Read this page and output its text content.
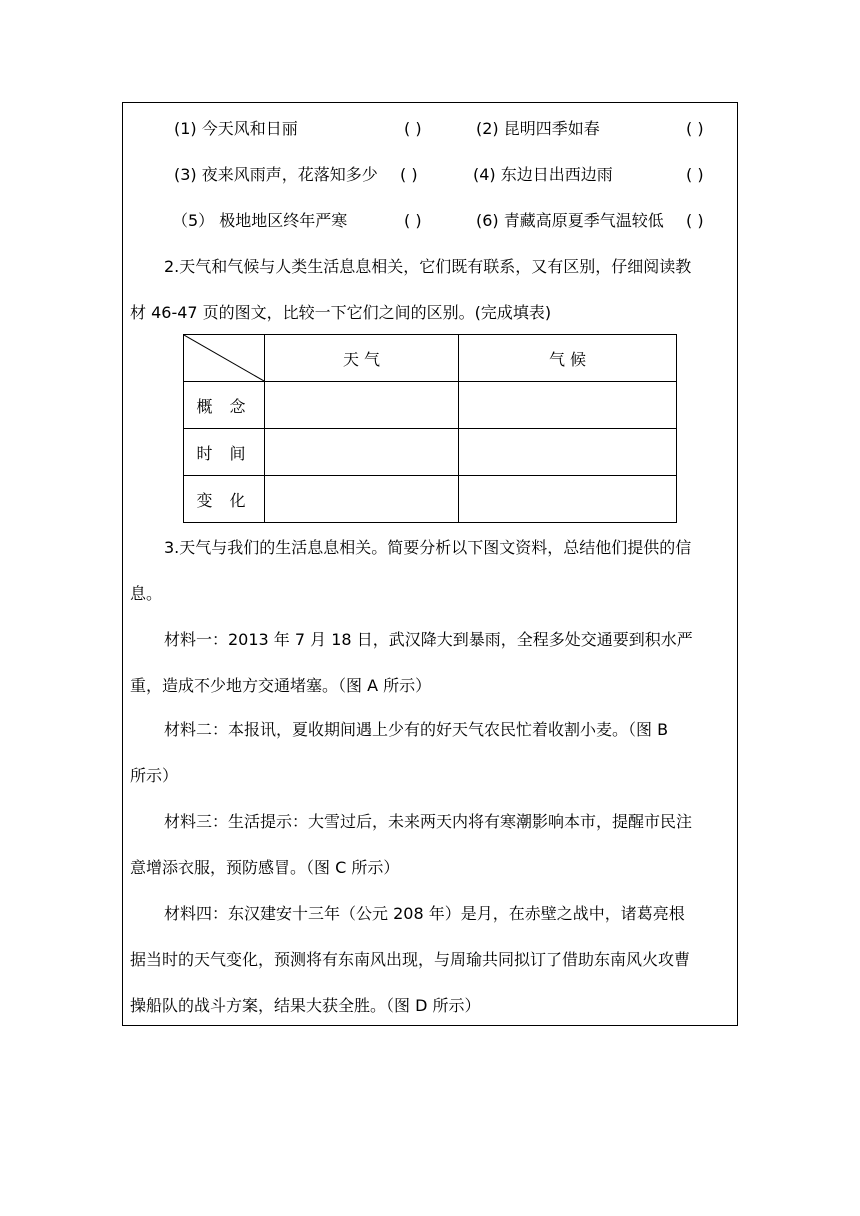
(1) 今天风和日丽	( )	(2) 昆明四季如春	( )
(3) 夜来风雨声，花落知多少 ( )	(4) 东边日出西边雨	( )
（5） 极地地区终年严寒	( )	(6) 青藏高原夏季气温较低 ( )
2.天气和气候与人类生活息息相关，它们既有联系，又有区别，仔细阅读教
材 46-47 页的图文，比较一下它们之间的区别。(完成填表)
	天 气	气 候
概 念		
时 间		
变 化		
3.天气与我们的生活息息相关。简要分析以下图文资料，总结他们提供的信
息。
材料一：2013 年 7 月 18 日，武汉降大到暴雨，全程多处交通要到积水严
重，造成不少地方交通堵塞。（图 A 所示）
材料二：本报讯，夏收期间遇上少有的好天气农民忙着收割小麦。（图 B
所示）
材料三：生活提示：大雪过后，未来两天内将有寒潮影响本市，提醒市民注
意增添衣服，预防感冒。（图 C 所示）
材料四：东汉建安十三年（公元 208 年）是月，在赤壁之战中，诸葛亮根
据当时的天气变化，预测将有东南风出现，与周瑜共同拟订了借助东南风火攻曹
操船队的战斗方案，结果大获全胜。（图 D 所示）
